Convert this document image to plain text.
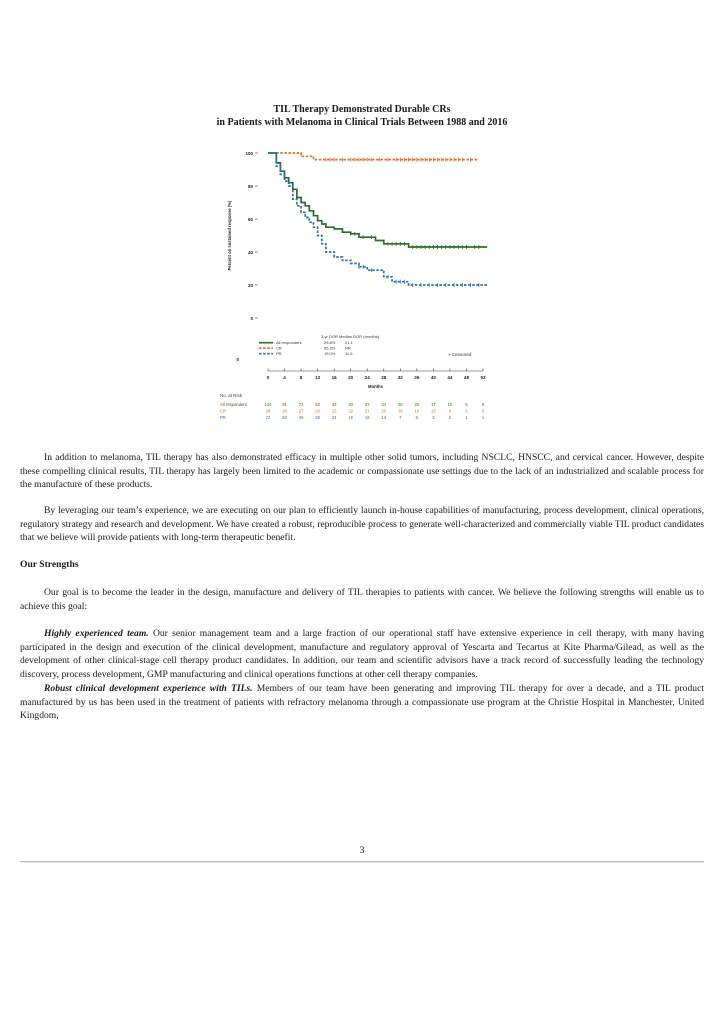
TIL Therapy Demonstrated Durable CRs
in Patients with Melanoma in Clinical Trials Between 1988 and 2016
100
80
60
40
20
0
Percent on sustained response (%)
3-yr DOR Median DOR (months)
All responders	29.8% 21.1
CR	95.3% NR
PR	15.0% 11.5	+ Censored
0
0	4	8	12 16 20 24 28 32 36 40 44 48 52
Months
No. at Risk
All responders	134	91	72	52	43	40	37	34	25	22	17	10	5	6
CR	28	28	27	26	23	22	21	20	19	16	15	9	5	5
PR	72	63	45	36	24	18	16	14	7	6	3	2	1	1

In addition to melanoma, TIL therapy has also demonstrated efficacy in multiple other solid tumors, including NSCLC, HNSCC, and cervical cancer. However, despite these compelling clinical results, TIL therapy has largely been limited to the academic or compassionate use settings due to the lack of an industrialized and scalable process for the manufacture of these products.

By leveraging our team’s experience, we are executing on our plan to efficiently launch in-house capabilities of manufacturing, process development, clinical operations, regulatory strategy and research and development. We have created a robust, reproducible process to generate well-characterized and commercially viable TIL product candidates that we believe will provide patients with long-term therapeutic benefit.

Our Strengths

Our goal is to become the leader in the design, manufacture and delivery of TIL therapies to patients with cancer. We believe the following strengths will enable us to achieve this goal:

Highly experienced team. Our senior management team and a large fraction of our operational staff have extensive experience in cell therapy, with many having participated in the design and execution of the clinical development, manufacture and regulatory approval of Yescarta and Tecartus at Kite Pharma/Gilead, as well as the development of other clinical-stage cell therapy product candidates. In addition, our team and scientific advisors have a track record of successfully leading the technology discovery, process development, GMP manufacturing and clinical operations functions at other cell therapy companies.

Robust clinical development experience with TILs. Members of our team have been generating and improving TIL therapy for over a decade, and a TIL product manufactured by us has been used in the treatment of patients with refractory melanoma through a compassionate use program at the Christie Hospital in Manchester, United Kingdom,

3
